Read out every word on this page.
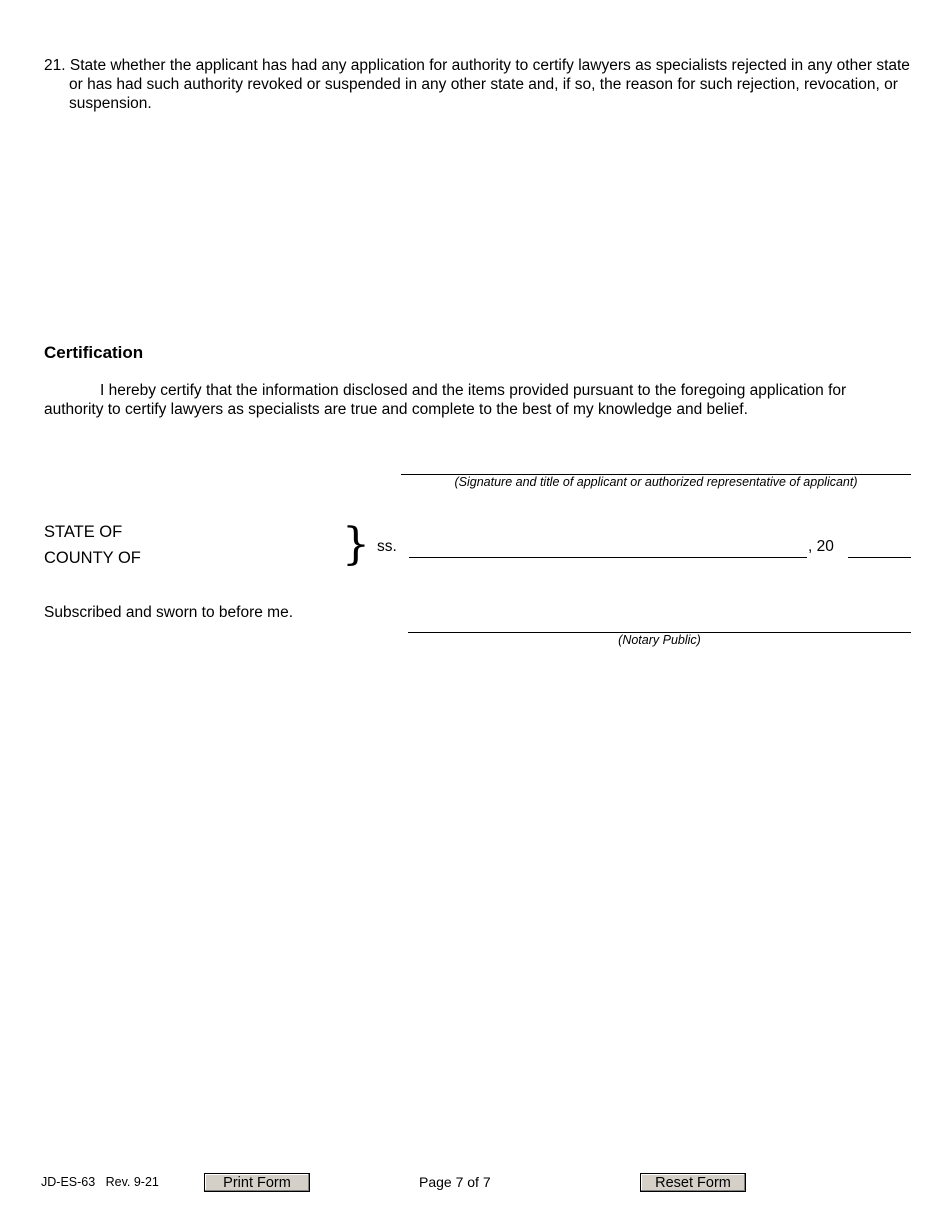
21. State whether the applicant has had any application for authority to certify lawyers as specialists rejected in any other state or has had such authority revoked or suspended in any other state and, if so, the reason for such rejection, revocation, or suspension.
Certification
I hereby certify that the information disclosed and the items provided pursuant to the foregoing application for authority to certify lawyers as specialists are true and complete to the best of my knowledge and belief.
(Signature and title of applicant or authorized representative of applicant)
STATE OF
COUNTY OF	} ss.	, 20
Subscribed and sworn to before me.
(Notary Public)
JD-ES-63   Rev. 9-21	Print Form	Page 7 of 7	Reset Form
